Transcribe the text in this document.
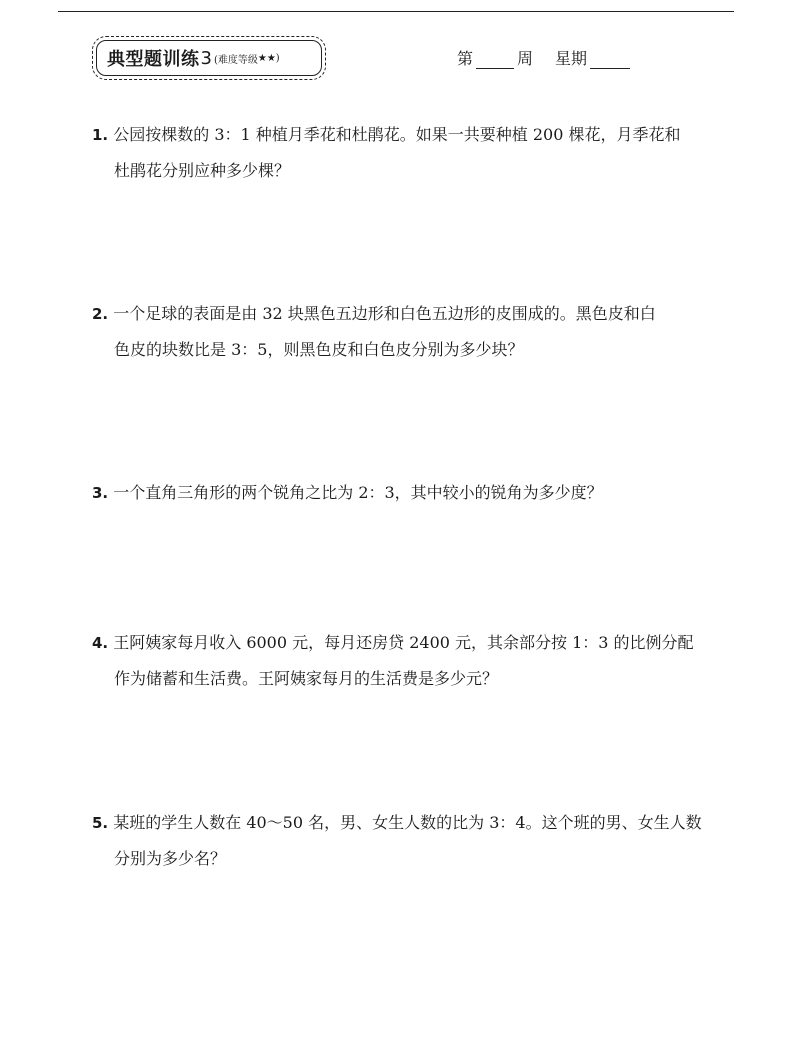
典型题训练 3 (难度等级 ★★)	第	周 星期
1. 公园按棵数的 3：1 种植月季花和杜鹃花。如果一共要种植 200 棵花，月季花和
杜鹃花分别应种多少棵？
2. 一个足球的表面是由 32 块黑色五边形和白色五边形的皮围成的。黑色皮和白
色皮的块数比是 3：5，则黑色皮和白色皮分别为多少块？
3. 一个直角三角形的两个锐角之比为 2：3，其中较小的锐角为多少度？
4. 王阿姨家每月收入 6000 元，每月还房贷 2400 元，其余部分按 1：3 的比例分配
作为储蓄和生活费。王阿姨家每月的生活费是多少元？
5. 某班的学生人数在 40～50 名，男、女生人数的比为 3：4。这个班的男、女生人数
分别为多少名？
